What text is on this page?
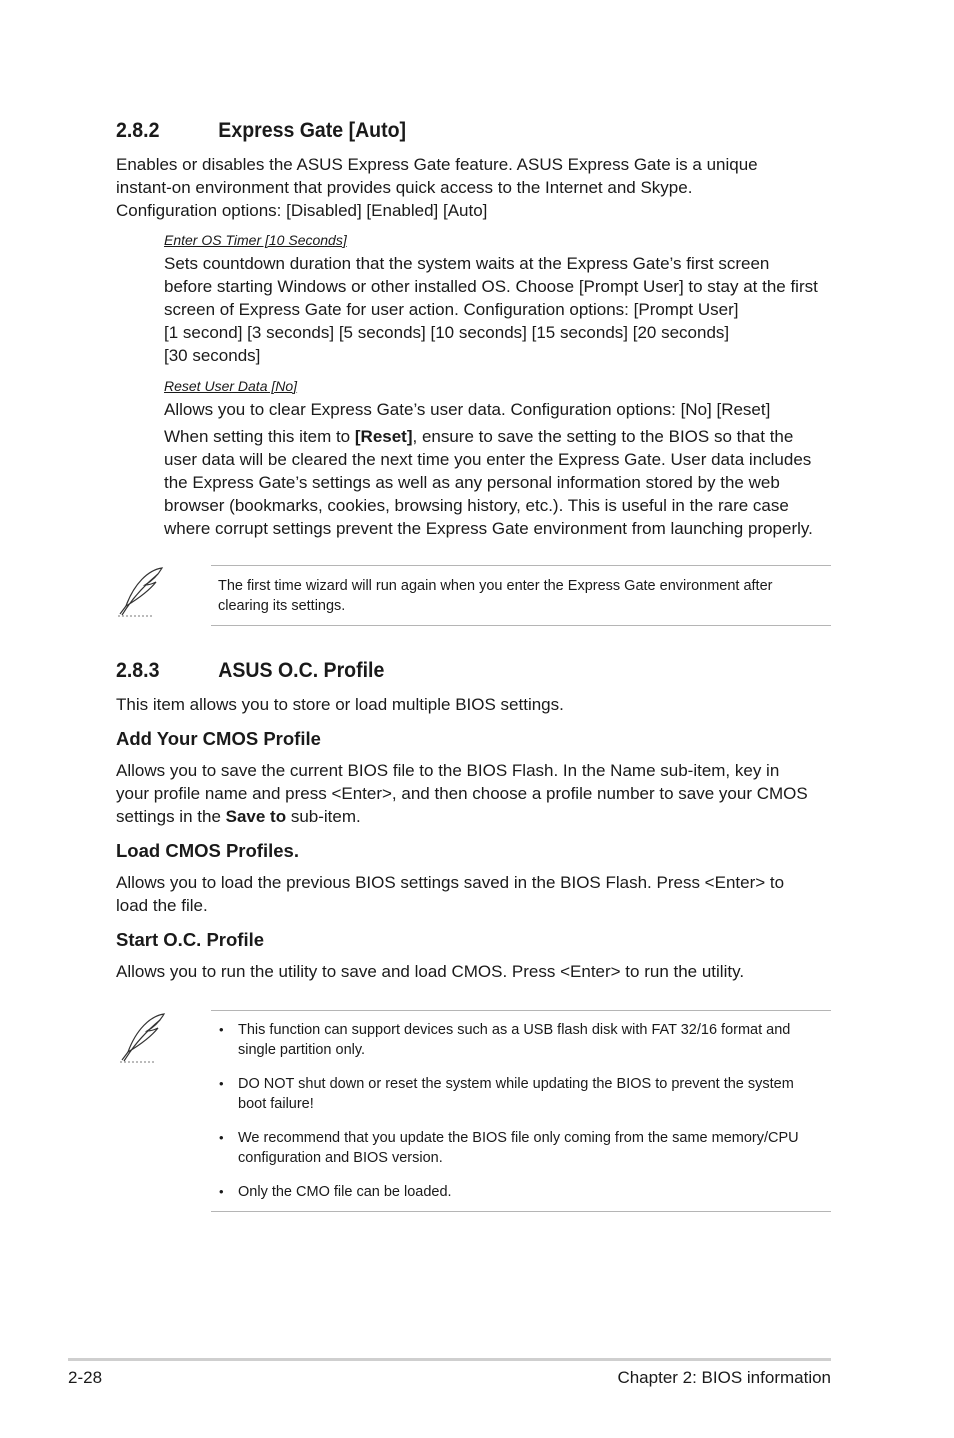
2.8.2	Express Gate [Auto]

Enables or disables the ASUS Express Gate feature. ASUS Express Gate is a unique
instant-on environment that provides quick access to the Internet and Skype.
Configuration options: [Disabled] [Enabled] [Auto]

Enter OS Timer [10 Seconds]

Sets countdown duration that the system waits at the Express Gate’s first screen
before starting Windows or other installed OS. Choose [Prompt User] to stay at the first
screen of Express Gate for user action. Configuration options: [Prompt User]
[1 second] [3 seconds] [5 seconds] [10 seconds] [15 seconds] [20 seconds]
[30 seconds]

Reset User Data [No]

Allows you to clear Express Gate’s user data. Configuration options: [No] [Reset]

When setting this item to [Reset], ensure to save the setting to the BIOS so that the
user data will be cleared the next time you enter the Express Gate. User data includes
the Express Gate’s settings as well as any personal information stored by the web
browser (bookmarks, cookies, browsing history, etc.). This is useful in the rare case
where corrupt settings prevent the Express Gate environment from launching properly.

The first time wizard will run again when you enter the Express Gate environment after
clearing its settings.

2.8.3	ASUS O.C. Profile

This item allows you to store or load multiple BIOS settings.

Add Your CMOS Profile

Allows you to save the current BIOS file to the BIOS Flash. In the Name sub-item, key in
your profile name and press <Enter>, and then choose a profile number to save your CMOS
settings in the Save to sub-item.

Load CMOS Profiles.

Allows you to load the previous BIOS settings saved in the BIOS Flash. Press <Enter> to
load the file.

Start O.C. Profile

Allows you to run the utility to save and load CMOS. Press <Enter> to run the utility.

• This function can support devices such as a USB flash disk with FAT 32/16 format and
single partition only.

• DO NOT shut down or reset the system while updating the BIOS to prevent the system
boot failure!

• We recommend that you update the BIOS file only coming from the same memory/CPU
configuration and BIOS version.

• Only the CMO file can be loaded.

2-28	Chapter 2: BIOS information
